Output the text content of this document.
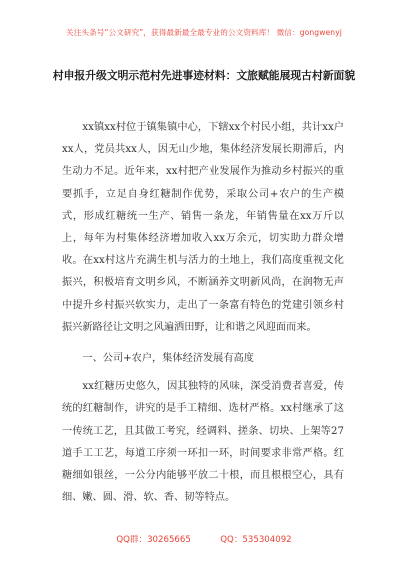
关注头条号“公文研究”，获得最新最全最专业的公文资料库！ 微信：gongwenyj
村申报升级文明示范村先进事迹材料：文旅赋能展现古村新面貌

xx镇xx村位于镇集镇中心，下辖xx个村民小组，共计xx户xx人，党员共xx人，因无山少地，集体经济发展长期滞后，内生动力不足。近年来，xx村把产业发展作为推动乡村振兴的重要抓手，立足自身红糖制作优势，采取公司+农户的生产模式，形成红糖统一生产、销售一条龙，年销售量在xx万斤以上，每年为村集体经济增加收入xx万余元，切实助力群众增收。在xx村这片充满生机与活力的土地上，我们高度重视文化振兴，积极培育文明乡风，不断涵养文明新风尚，在润物无声中提升乡村振兴软实力，走出了一条富有特色的党建引领乡村振兴新路径让文明之风遍洒田野，让和谐之风迎面而来。

一、公司+农户，集体经济发展有高度

xx红糖历史悠久，因其独特的风味，深受消费者喜爱，传统的红糖制作，讲究的是手工精细、选材严格。xx村继承了这一传统工艺，且其做工考究，经调料、搓条、切块、上架等27道手工工艺，每道工序须一环扣一环，时间要求非常严格。红糖细如银丝，一公分内能够平放二十根，而且根根空心，具有细、嫩、圆、滑、软、香、韧等特点。

QQ群：30265665	QQ：535304092
